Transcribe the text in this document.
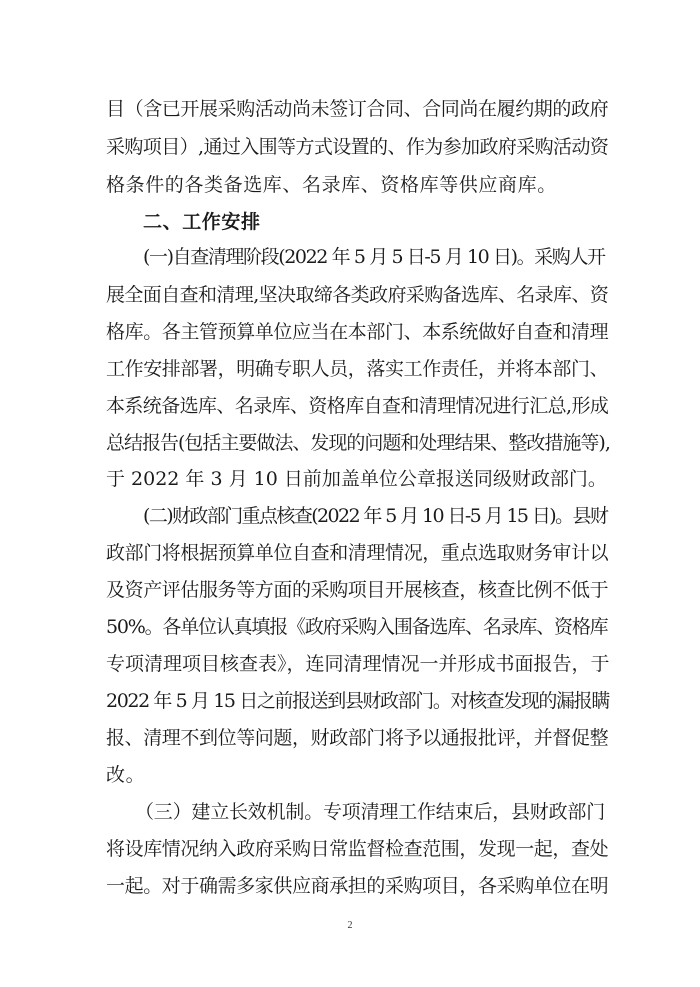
目（含已开展采购活动尚未签订合同、合同尚在履约期的政府
采购项目）,通过入围等方式设置的、作为参加政府采购活动资
格条件的各类备选库、名录库、资格库等供应商库。
二、工作安排
(一)自查清理阶段(2022 年 5 月 5 日-5 月 10 日)。采购人开
展全面自查和清理,坚决取缔各类政府采购备选库、名录库、资
格库。各主管预算单位应当在本部门、本系统做好自查和清理
工作安排部署，明确专职人员，落实工作责任，并将本部门、
本系统备选库、名录库、资格库自查和清理情况进行汇总,形成
总结报告(包括主要做法、发现的问题和处理结果、整改措施等),
于 2022 年 3 月 10 日前加盖单位公章报送同级财政部门。
(二)财政部门重点核查(2022 年 5 月 10 日-5 月 15 日)。县财
政部门将根据预算单位自查和清理情况，重点选取财务审计以
及资产评估服务等方面的采购项目开展核查，核查比例不低于
50%。各单位认真填报《政府采购入围备选库、名录库、资格库
专项清理项目核查表》，连同清理情况一并形成书面报告，于
2022 年 5 月 15 日之前报送到县财政部门。对核查发现的漏报瞒
报、清理不到位等问题，财政部门将予以通报批评，并督促整
改。
（三）建立长效机制。专项清理工作结束后，县财政部门
将设库情况纳入政府采购日常监督检查范围，发现一起，查处
一起。对于确需多家供应商承担的采购项目，各采购单位在明
2
